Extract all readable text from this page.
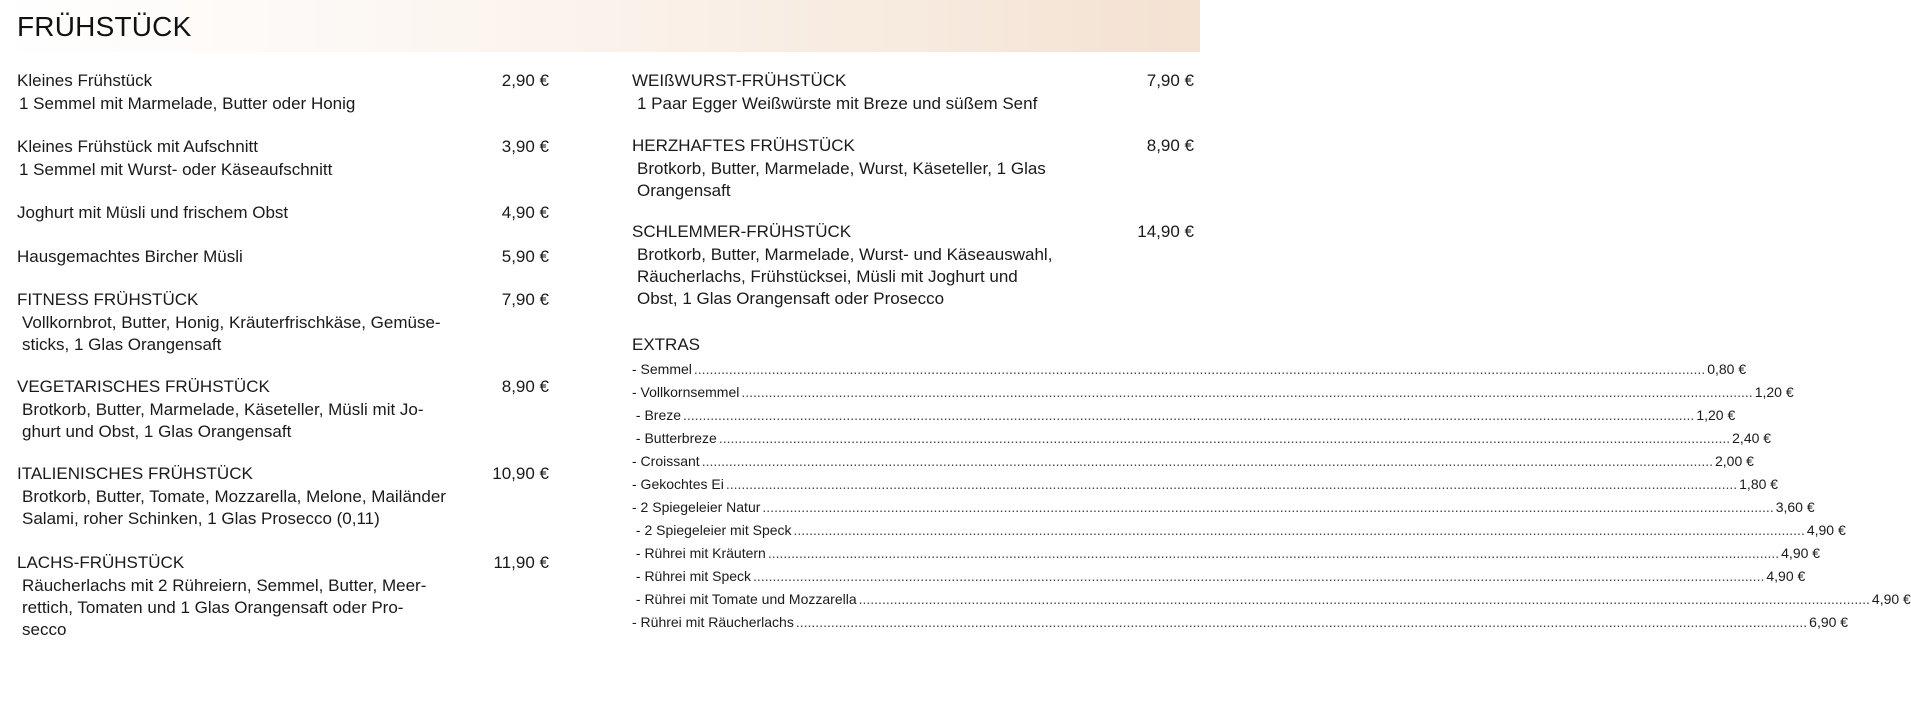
FRÜHSTÜCK
Kleines Frühstück	2,90 €
1 Semmel mit Marmelade, Butter oder Honig
Kleines Frühstück mit Aufschnitt	3,90 €
1 Semmel mit Wurst- oder Käseaufschnitt
Joghurt mit Müsli und frischem Obst	4,90 €
Hausgemachtes Bircher Müsli	5,90 €
FITNESS FRÜHSTÜCK	7,90 €
Vollkornbrot, Butter, Honig, Kräuterfrischkäse, Gemüse-
sticks, 1 Glas Orangensaft
VEGETARISCHES FRÜHSTÜCK	8,90 €
Brotkorb, Butter, Marmelade, Käseteller, Müsli mit Jo-
ghurt und Obst, 1 Glas Orangensaft
ITALIENISCHES FRÜHSTÜCK	10,90 €
Brotkorb, Butter, Tomate, Mozzarella, Melone, Mailänder
Salami, roher Schinken, 1 Glas Prosecco (0,11)
LACHS-FRÜHSTÜCK	11,90 €
Räucherlachs mit 2 Rühreiern, Semmel, Butter, Meer-
rettich, Tomaten und 1 Glas Orangensaft oder Pro-
secco
WEIßWURST-FRÜHSTÜCK	7,90 €
1 Paar Egger Weißwürste mit Breze und süßem Senf
HERZHAFTES FRÜHSTÜCK	8,90 €
Brotkorb, Butter, Marmelade, Wurst, Käseteller, 1 Glas
Orangensaft
SCHLEMMER-FRÜHSTÜCK	14,90 €
Brotkorb, Butter, Marmelade, Wurst- und Käseauswahl,
Räucherlachs, Frühstücksei, Müsli mit Joghurt und
Obst, 1 Glas Orangensaft oder Prosecco
EXTRAS
- Semmel .................................................................................................................................................................................................................................................................... 0,80 €
- Vollkornsemmel .................................................................................................................................................................................................................................................................... 1,20 €
- Breze .................................................................................................................................................................................................................................................................... 1,20 €
- Butterbreze .................................................................................................................................................................................................................................................................... 2,40 €
- Croissant .................................................................................................................................................................................................................................................................... 2,00 €
- Gekochtes Ei .................................................................................................................................................................................................................................................................... 1,80 €
- 2 Spiegeleier Natur .................................................................................................................................................................................................................................................................... 3,60 €
- 2 Spiegeleier mit Speck .................................................................................................................................................................................................................................................................... 4,90 €
- Rührei mit Kräutern .................................................................................................................................................................................................................................................................... 4,90 €
- Rührei mit Speck .................................................................................................................................................................................................................................................................... 4,90 €
- Rührei mit Tomate und Mozzarella .................................................................................................................................................................................................................................................................... 4,90 €
- Rührei mit Räucherlachs .................................................................................................................................................................................................................................................................... 6,90 €
